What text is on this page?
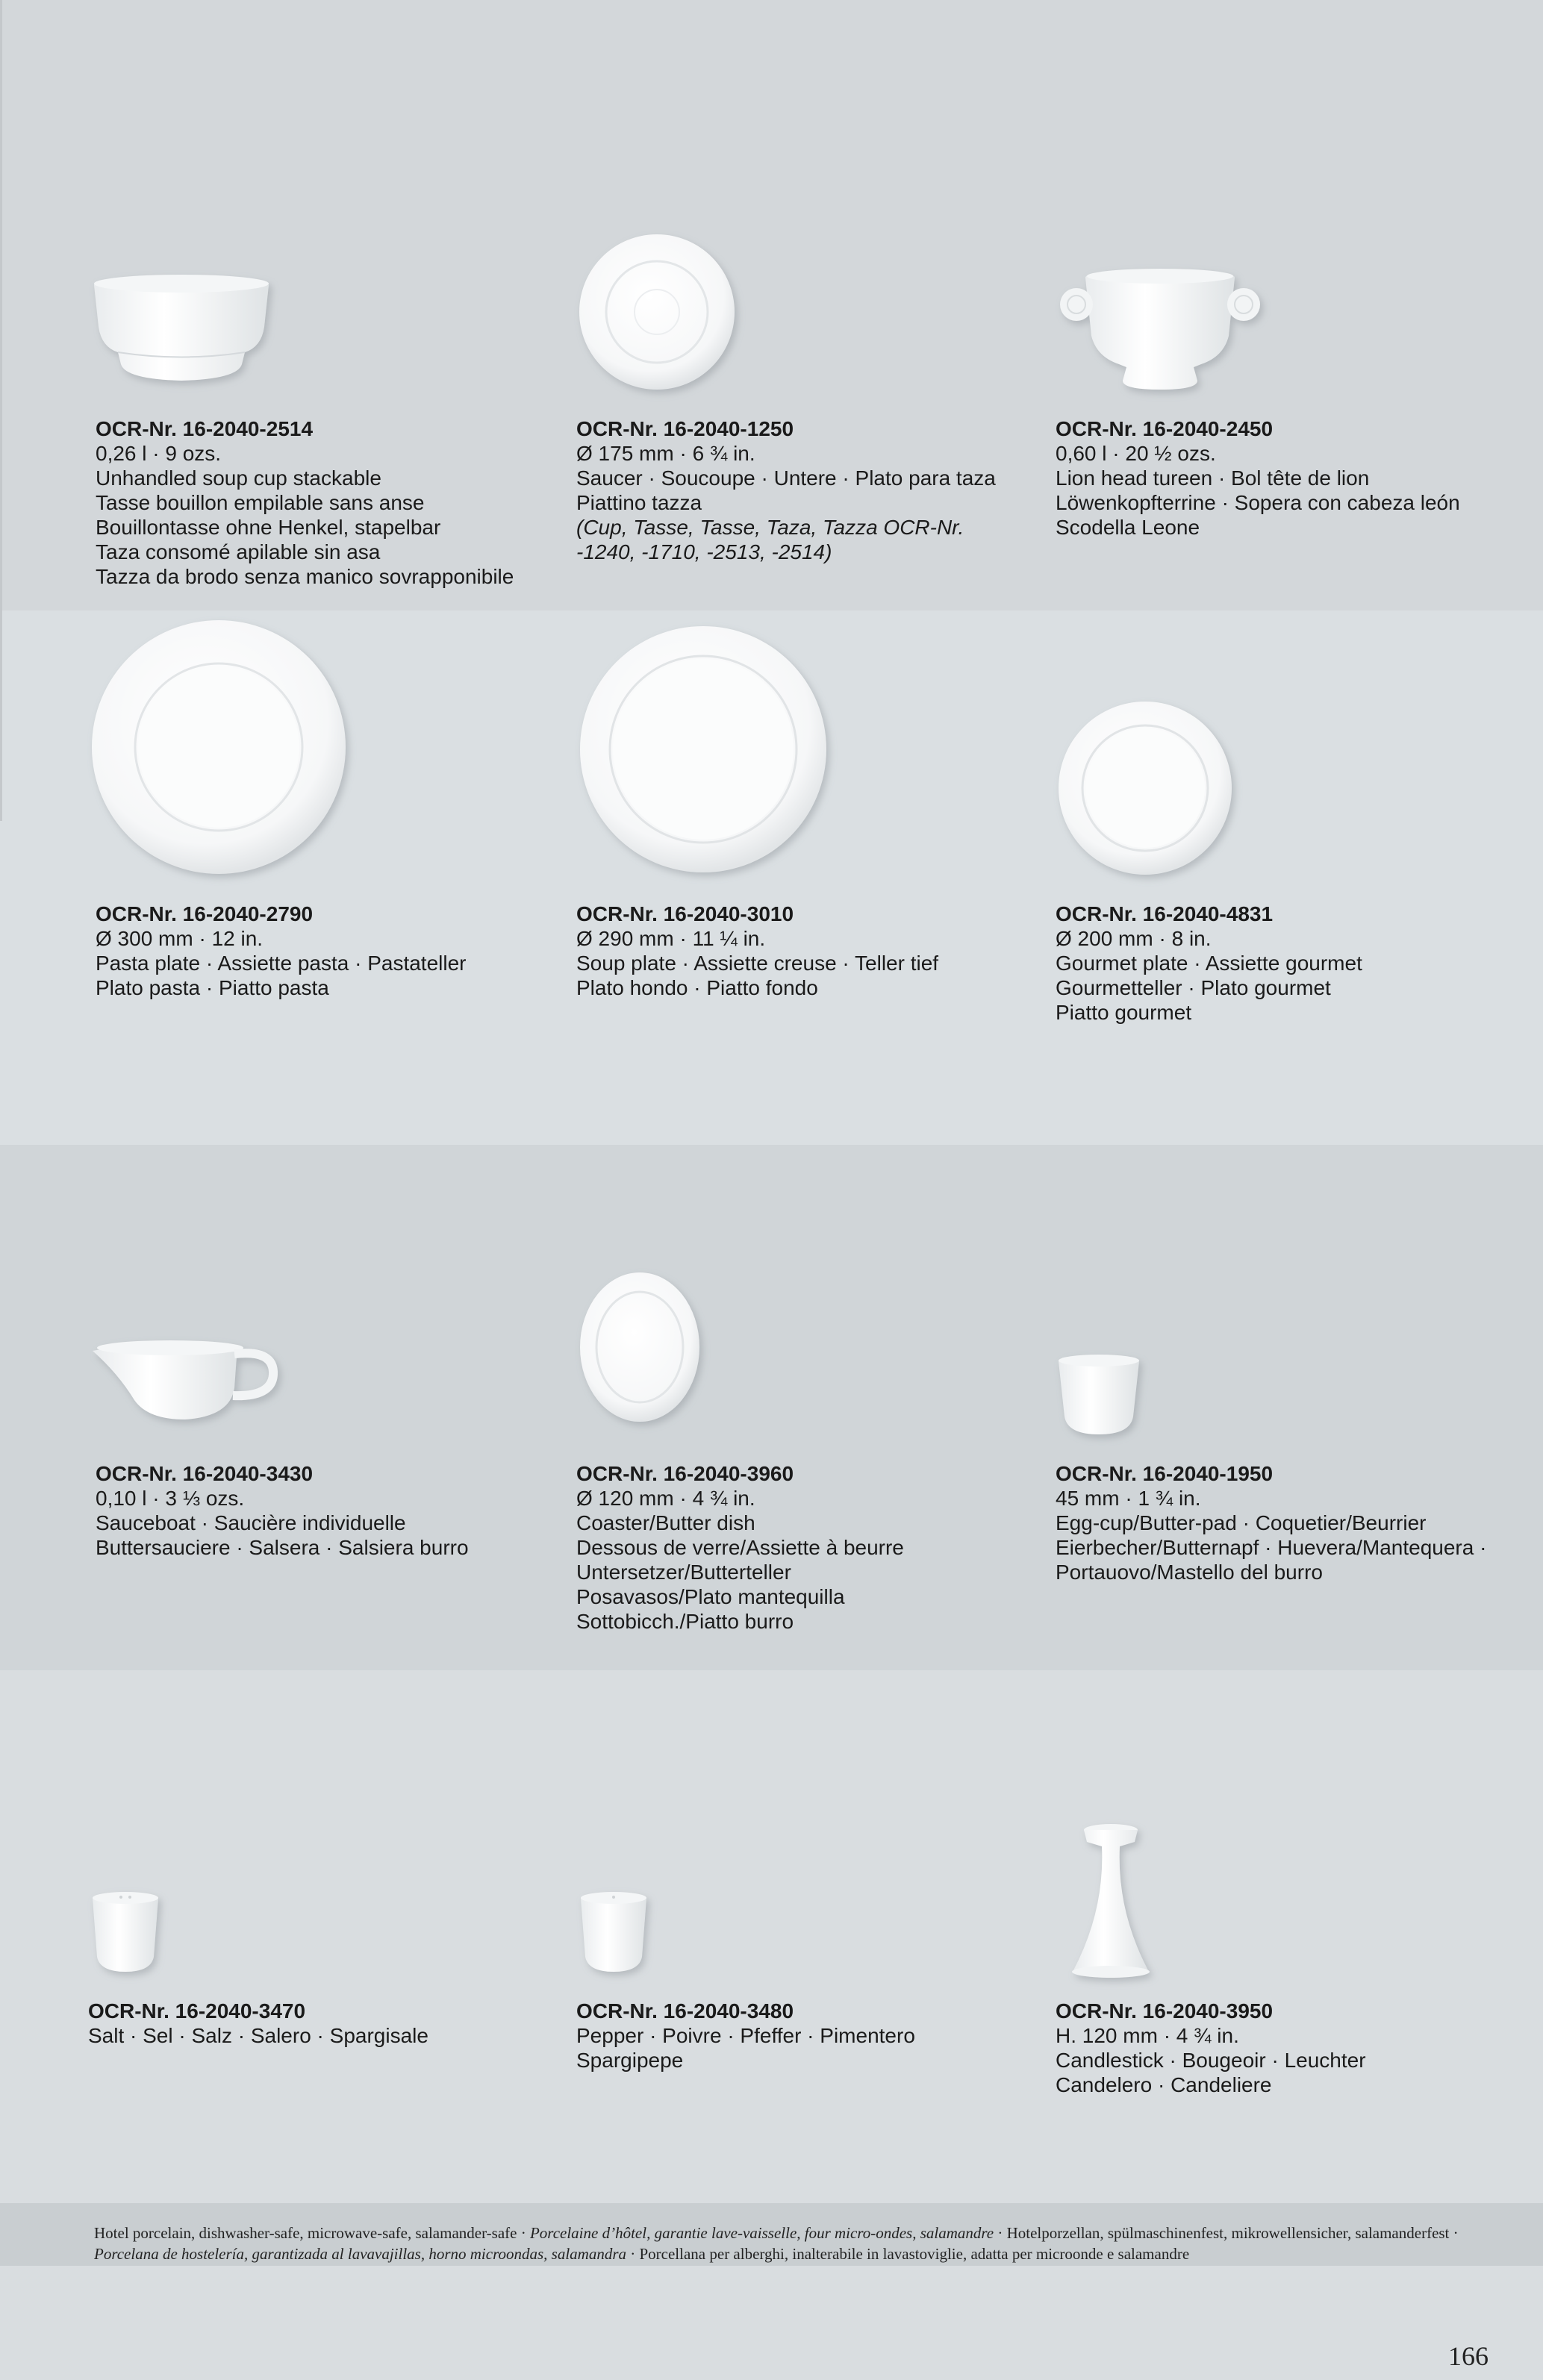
OCR-Nr. 16-2040-2514
0,26 l · 9 ozs.
Unhandled soup cup stackable
Tasse bouillon empilable sans anse
Bouillontasse ohne Henkel, stapelbar
Taza consomé apilable sin asa
Tazza da brodo senza manico sovrapponibile
OCR-Nr. 16-2040-1250
Ø 175 mm · 6 ¾ in.
Saucer · Soucoupe · Untere · Plato para taza
Piattino tazza
(Cup, Tasse, Tasse, Taza, Tazza OCR-Nr.
-1240, -1710, -2513, -2514)
OCR-Nr. 16-2040-2450
0,60 l · 20 ½ ozs.
Lion head tureen · Bol tête de lion
Löwenkopfterrine · Sopera con cabeza león
Scodella Leone
OCR-Nr. 16-2040-2790
Ø 300 mm · 12 in.
Pasta plate · Assiette pasta · Pastateller
Plato pasta · Piatto pasta
OCR-Nr. 16-2040-3010
Ø 290 mm · 11 ¼ in.
Soup plate · Assiette creuse · Teller tief
Plato hondo · Piatto fondo
OCR-Nr. 16-2040-4831
Ø 200 mm · 8 in.
Gourmet plate · Assiette gourmet
Gourmetteller · Plato gourmet
Piatto gourmet
OCR-Nr. 16-2040-3430
0,10 l · 3 ⅓ ozs.
Sauceboat · Saucière individuelle
Buttersauciere · Salsera · Salsiera burro
OCR-Nr. 16-2040-3960
Ø 120 mm · 4 ¾ in.
Coaster/Butter dish
Dessous de verre/Assiette à beurre
Untersetzer/Butterteller
Posavasos/Plato mantequilla
Sottobicch./Piatto burro
OCR-Nr. 16-2040-1950
45 mm · 1 ¾ in.
Egg-cup/Butter-pad · Coquetier/Beurrier
Eierbecher/Butternapf · Huevera/Mantequera ·
Portauovo/Mastello del burro
OCR-Nr. 16-2040-3470
Salt · Sel · Salz · Salero · Spargisale
OCR-Nr. 16-2040-3480
Pepper · Poivre · Pfeffer · Pimentero
Spargipepe
OCR-Nr. 16-2040-3950
H. 120 mm · 4 ¾ in.
Candlestick · Bougeoir · Leuchter
Candelero · Candeliere
Hotel porcelain, dishwasher-safe, microwave-safe, salamander-safe · Porcelaine d’hôtel, garantie lave-vaisselle, four micro-ondes, salamandre · Hotelporzellan, spülmaschinenfest, mikrowellensicher, salamanderfest · Porcelana de hostelería, garantizada al lavavajillas, horno microondas, salamandra · Porcellana per alberghi, inalterabile in lavastoviglie, adatta per microonde e salamandre
166
